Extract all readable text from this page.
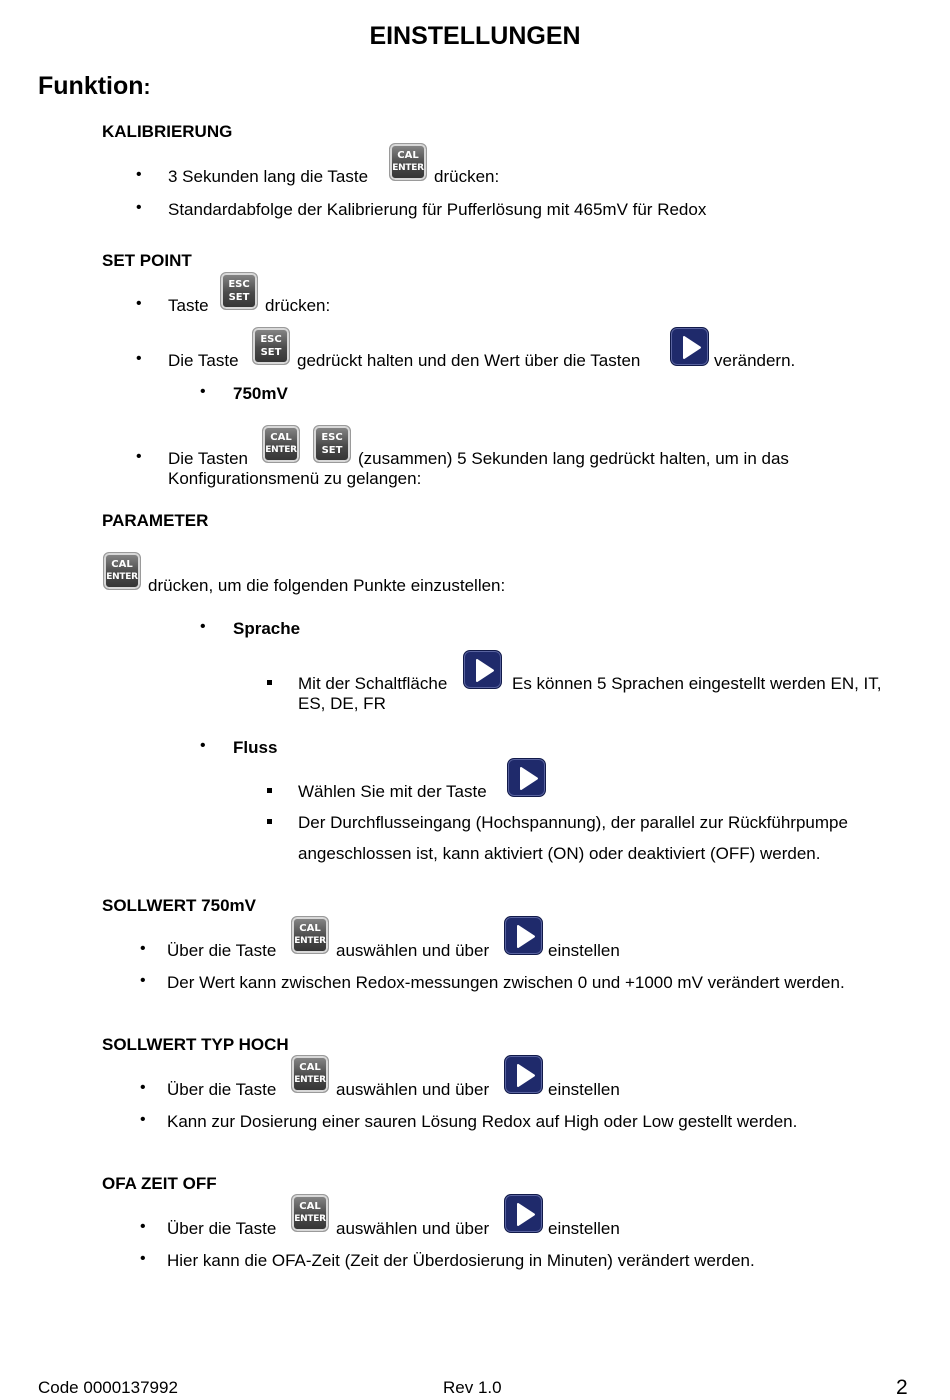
EINSTELLUNGEN
Funktion:
KALIBRIERUNG
• 3 Sekunden lang die Taste
CAL
ENTER drücken:
• Standardabfolge der Kalibrierung für Pufferlösung mit 465mV für Redox
SET POINT
• Taste
ESC
SET drücken:
• Die Taste
ESC
SET gedrückt halten und den Wert über die Tasten	verändern.
• 750mV
• Die Tasten
CAL
ENTER
ESC
SET (zusammen) 5 Sekunden lang gedrückt halten, um in das
Konfigurationsmenü zu gelangen:
PARAMETER
CAL
ENTER drücken, um die folgenden Punkte einzustellen:
• Sprache
Mit der Schaltfläche	Es können 5 Sprachen eingestellt werden EN, IT,
ES, DE, FR
• Fluss
Wählen Sie mit der Taste
Der Durchflusseingang (Hochspannung), der parallel zur Rückführpumpe
angeschlossen ist, kann aktiviert (ON) oder deaktiviert (OFF) werden.
SOLLWERT 750mV
• Über die Taste
CAL
ENTER auswählen und über	einstellen
• Der Wert kann zwischen Redox-messungen zwischen 0 und +1000 mV verändert werden.
SOLLWERT TYP HOCH
• Über die Taste
CAL
ENTER auswählen und über	einstellen
• Kann zur Dosierung einer sauren Lösung Redox auf High oder Low gestellt werden.
OFA ZEIT OFF
• Über die Taste
CAL
ENTER auswählen und über	einstellen
• Hier kann die OFA-Zeit (Zeit der Überdosierung in Minuten) verändert werden.
Code 0000137992	Rev 1.0	2
